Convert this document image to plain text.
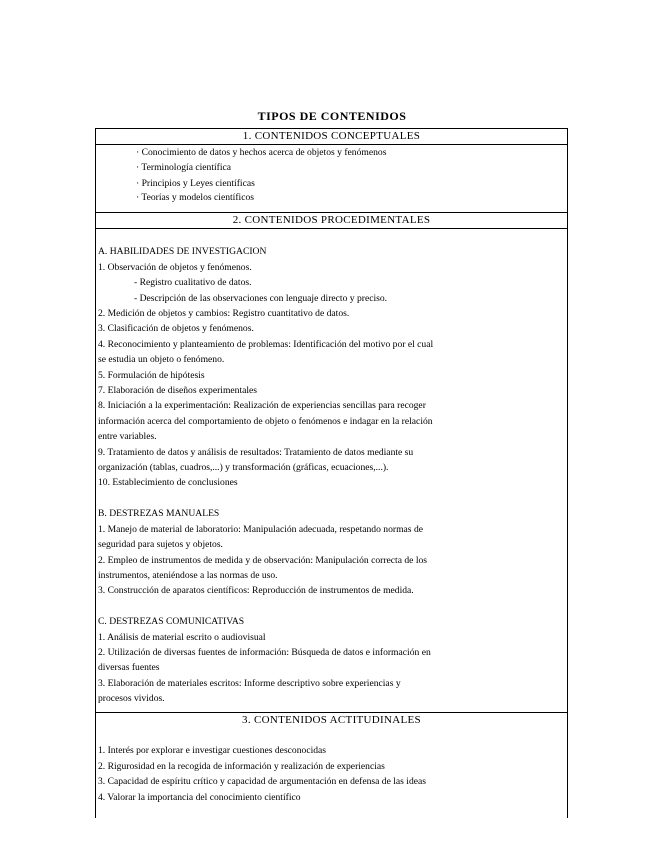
TIPOS DE CONTENIDOS
1. CONTENIDOS CONCEPTUALES
· Conocimiento de datos y hechos acerca de objetos y fenómenos
· Terminología científica
· Principios y Leyes científicas
· Teorías y modelos científicos
2. CONTENIDOS PROCEDIMENTALES
A. HABILIDADES DE INVESTIGACION
1. Observación de objetos y fenómenos.
- Registro cualitativo de datos.
- Descripción de las observaciones con lenguaje directo y preciso.
2. Medición de objetos y cambios: Registro cuantitativo de datos.
3. Clasificación de objetos y fenómenos.
4. Reconocimiento y planteamiento de problemas: Identificación del motivo por el cual
se estudia un objeto o fenómeno.
5. Formulación de hipótesis
7. Elaboración de diseños experimentales
8. Iniciación a la experimentación: Realización de experiencias sencillas para recoger
información acerca del comportamiento de objeto o fenómenos e indagar en la relación
entre variables.
9. Tratamiento de datos y análisis de resultados: Tratamiento de datos mediante su
organización (tablas, cuadros,...) y transformación (gráficas, ecuaciones,...).
10. Establecimiento de conclusiones
B. DESTREZAS MANUALES
1. Manejo de material de laboratorio: Manipulación adecuada, respetando normas de
seguridad para sujetos y objetos.
2. Empleo de instrumentos de medida y de observación: Manipulación correcta de los
instrumentos, ateniéndose a las normas de uso.
3. Construcción de aparatos científicos: Reproducción de instrumentos de medida.
C. DESTREZAS COMUNICATIVAS
1. Análisis de material escrito o audiovisual
2. Utilización de diversas fuentes de información: Búsqueda de datos e información en
diversas fuentes
3. Elaboración de materiales escritos: Informe descriptivo sobre experiencias y
procesos vividos.
3. CONTENIDOS ACTITUDINALES
1. Interés por explorar e investigar cuestiones desconocidas
2. Rigurosidad en la recogida de información y realización de experiencias
3. Capacidad de espíritu crítico y capacidad de argumentación en defensa de las ideas
4. Valorar la importancia del conocimiento científico
